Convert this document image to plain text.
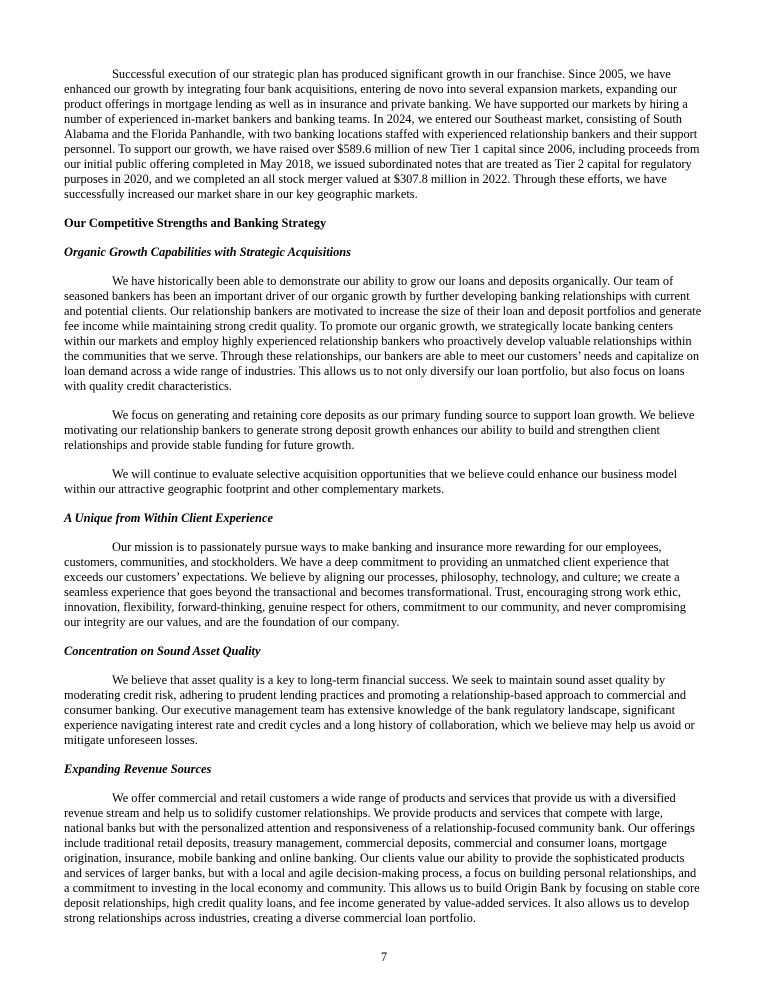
Successful execution of our strategic plan has produced significant growth in our franchise. Since 2005, we have enhanced our growth by integrating four bank acquisitions, entering de novo into several expansion markets, expanding our product offerings in mortgage lending as well as in insurance and private banking. We have supported our markets by hiring a number of experienced in-market bankers and banking teams. In 2024, we entered our Southeast market, consisting of South Alabama and the Florida Panhandle, with two banking locations staffed with experienced relationship bankers and their support personnel. To support our growth, we have raised over $589.6 million of new Tier 1 capital since 2006, including proceeds from our initial public offering completed in May 2018, we issued subordinated notes that are treated as Tier 2 capital for regulatory purposes in 2020, and we completed an all stock merger valued at $307.8 million in 2022. Through these efforts, we have successfully increased our market share in our key geographic markets.

Our Competitive Strengths and Banking Strategy

Organic Growth Capabilities with Strategic Acquisitions

We have historically been able to demonstrate our ability to grow our loans and deposits organically. Our team of seasoned bankers has been an important driver of our organic growth by further developing banking relationships with current and potential clients. Our relationship bankers are motivated to increase the size of their loan and deposit portfolios and generate fee income while maintaining strong credit quality. To promote our organic growth, we strategically locate banking centers within our markets and employ highly experienced relationship bankers who proactively develop valuable relationships within the communities that we serve. Through these relationships, our bankers are able to meet our customers’ needs and capitalize on loan demand across a wide range of industries. This allows us to not only diversify our loan portfolio, but also focus on loans with quality credit characteristics.

We focus on generating and retaining core deposits as our primary funding source to support loan growth. We believe motivating our relationship bankers to generate strong deposit growth enhances our ability to build and strengthen client relationships and provide stable funding for future growth.

We will continue to evaluate selective acquisition opportunities that we believe could enhance our business model within our attractive geographic footprint and other complementary markets.

A Unique from Within Client Experience

Our mission is to passionately pursue ways to make banking and insurance more rewarding for our employees, customers, communities, and stockholders. We have a deep commitment to providing an unmatched client experience that exceeds our customers’ expectations. We believe by aligning our processes, philosophy, technology, and culture; we create a seamless experience that goes beyond the transactional and becomes transformational. Trust, encouraging strong work ethic, innovation, flexibility, forward-thinking, genuine respect for others, commitment to our community, and never compromising our integrity are our values, and are the foundation of our company.

Concentration on Sound Asset Quality

We believe that asset quality is a key to long-term financial success. We seek to maintain sound asset quality by moderating credit risk, adhering to prudent lending practices and promoting a relationship-based approach to commercial and consumer banking. Our executive management team has extensive knowledge of the bank regulatory landscape, significant experience navigating interest rate and credit cycles and a long history of collaboration, which we believe may help us avoid or mitigate unforeseen losses.

Expanding Revenue Sources

We offer commercial and retail customers a wide range of products and services that provide us with a diversified revenue stream and help us to solidify customer relationships. We provide products and services that compete with large, national banks but with the personalized attention and responsiveness of a relationship-focused community bank. Our offerings include traditional retail deposits, treasury management, commercial deposits, commercial and consumer loans, mortgage origination, insurance, mobile banking and online banking. Our clients value our ability to provide the sophisticated products and services of larger banks, but with a local and agile decision-making process, a focus on building personal relationships, and a commitment to investing in the local economy and community. This allows us to build Origin Bank by focusing on stable core deposit relationships, high credit quality loans, and fee income generated by value-added services. It also allows us to develop strong relationships across industries, creating a diverse commercial loan portfolio.

7
